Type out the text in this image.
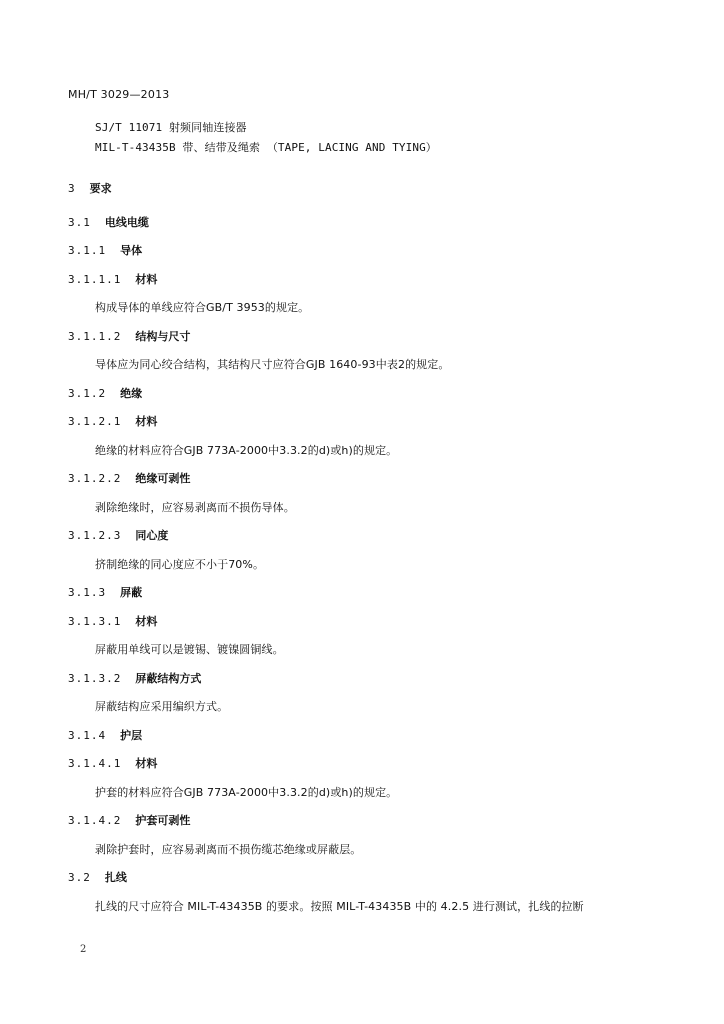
MH/T 3029—2013
SJ/T 11071 射频同轴连接器
MIL-T-43435B 带、结带及绳索 （TAPE, LACING AND TYING）
3 要求
3.1 电线电缆
3.1.1 导体
3.1.1.1 材料
构成导体的单线应符合GB/T 3953的规定。
3.1.1.2 结构与尺寸
导体应为同心绞合结构，其结构尺寸应符合GJB 1640-93中表2的规定。
3.1.2 绝缘
3.1.2.1 材料
绝缘的材料应符合GJB 773A-2000中3.3.2的d)或h)的规定。
3.1.2.2 绝缘可剥性
剥除绝缘时，应容易剥离而不损伤导体。
3.1.2.3 同心度
挤制绝缘的同心度应不小于70%。
3.1.3 屏蔽
3.1.3.1 材料
屏蔽用单线可以是镀锡、镀镍圆铜线。
3.1.3.2 屏蔽结构方式
屏蔽结构应采用编织方式。
3.1.4 护层
3.1.4.1 材料
护套的材料应符合GJB 773A-2000中3.3.2的d)或h)的规定。
3.1.4.2 护套可剥性
剥除护套时，应容易剥离而不损伤缆芯绝缘或屏蔽层。
3.2 扎线
扎线的尺寸应符合 MIL-T-43435B 的要求。按照 MIL-T-43435B 中的 4.2.5 进行测试，扎线的拉断
2
